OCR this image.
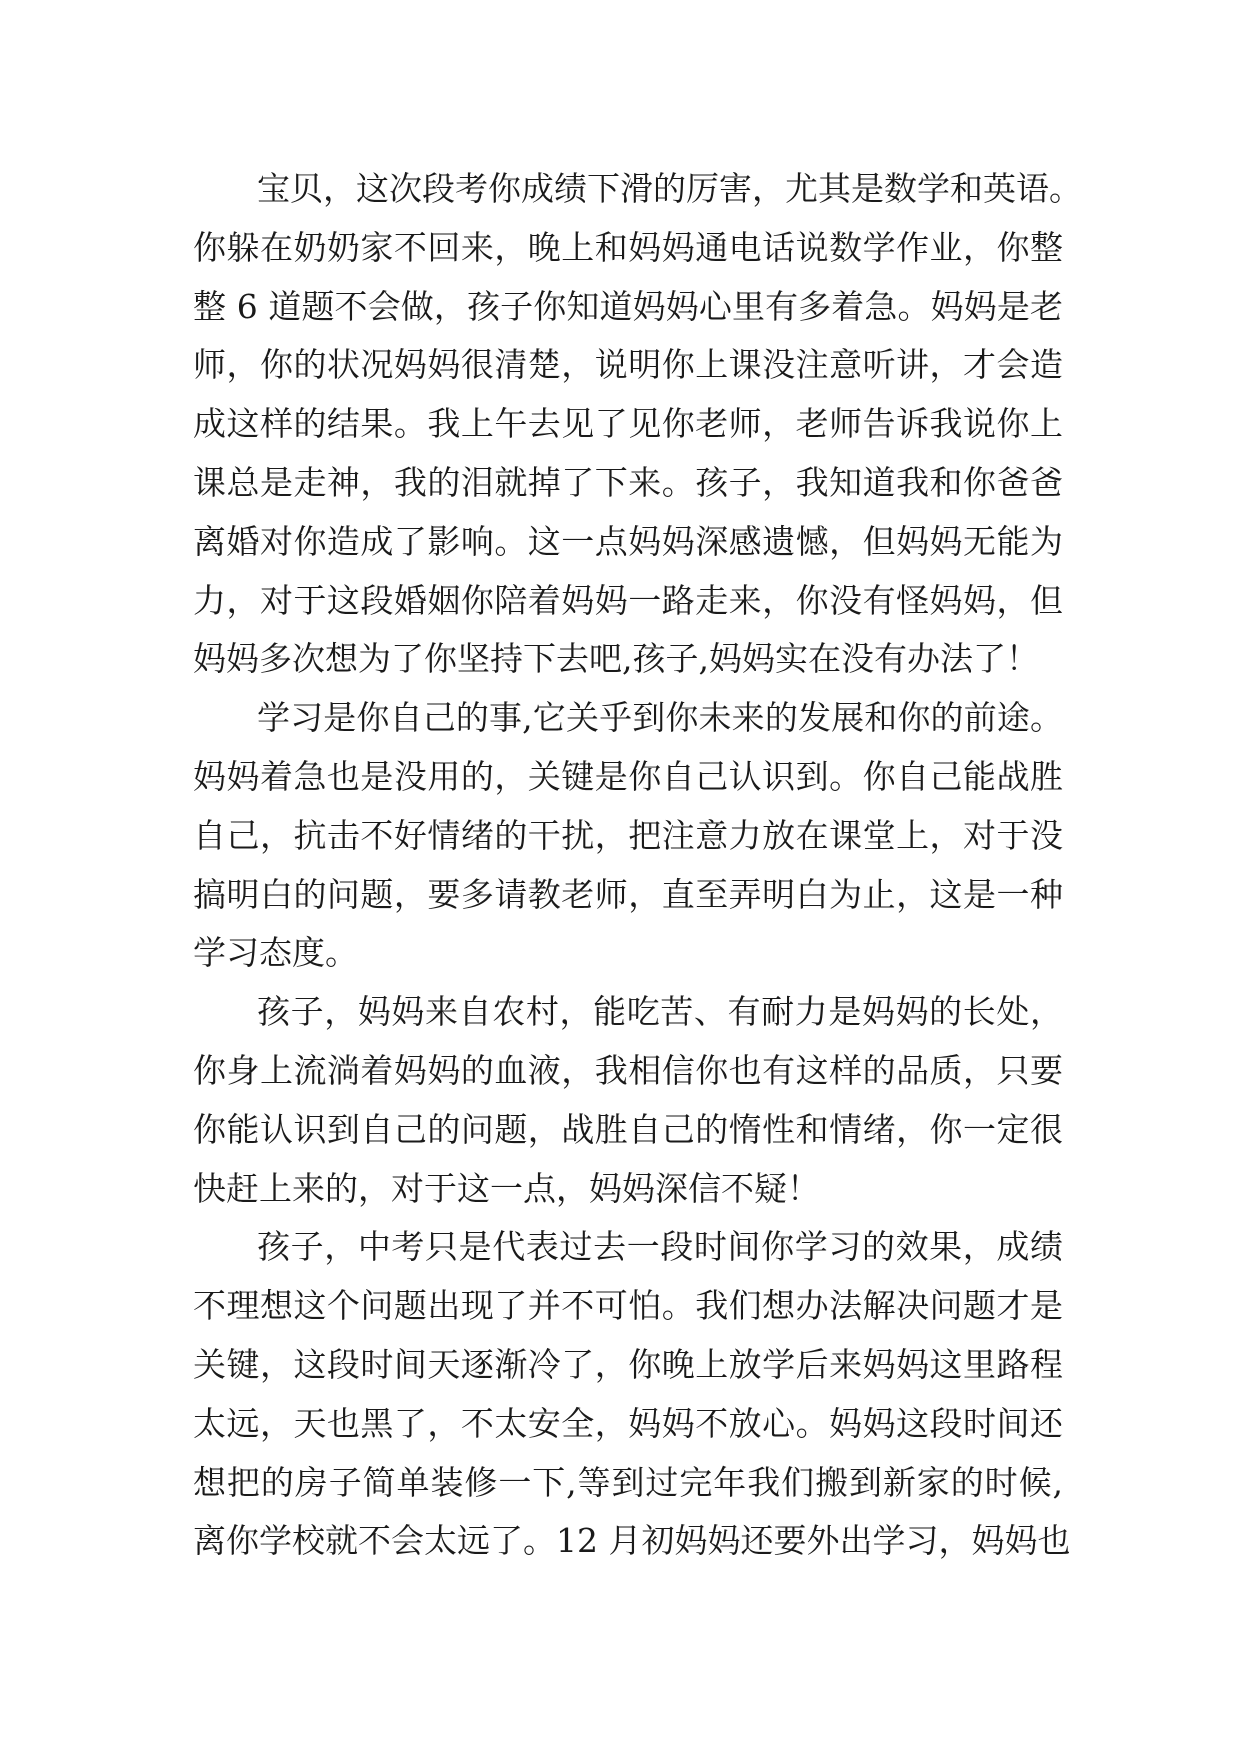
宝贝，这次段考你成绩下滑的厉害，尤其是数学和英语。
你躲在奶奶家不回来，晚上和妈妈通电话说数学作业，你整
整 6 道题不会做，孩子你知道妈妈心里有多着急。妈妈是老
师，你的状况妈妈很清楚，说明你上课没注意听讲，才会造
成这样的结果。我上午去见了见你老师，老师告诉我说你上
课总是走神，我的泪就掉了下来。孩子，我知道我和你爸爸
离婚对你造成了影响。这一点妈妈深感遗憾，但妈妈无能为
力，对于这段婚姻你陪着妈妈一路走来，你没有怪妈妈，但
妈妈多次想为了你坚持下去吧,孩子,妈妈实在没有办法了！
学习是你自己的事,它关乎到你未来的发展和你的前途。
妈妈着急也是没用的，关键是你自己认识到。你自己能战胜
自己，抗击不好情绪的干扰，把注意力放在课堂上，对于没
搞明白的问题，要多请教老师，直至弄明白为止，这是一种
学习态度。
孩子，妈妈来自农村，能吃苦、有耐力是妈妈的长处，
你身上流淌着妈妈的血液，我相信你也有这样的品质，只要
你能认识到自己的问题，战胜自己的惰性和情绪，你一定很
快赶上来的，对于这一点，妈妈深信不疑！
孩子，中考只是代表过去一段时间你学习的效果，成绩
不理想这个问题出现了并不可怕。我们想办法解决问题才是
关键，这段时间天逐渐冷了，你晚上放学后来妈妈这里路程
太远，天也黑了，不太安全，妈妈不放心。妈妈这段时间还
想把的房子简单装修一下,等到过完年我们搬到新家的时候,
离你学校就不会太远了。12 月初妈妈还要外出学习，妈妈也
